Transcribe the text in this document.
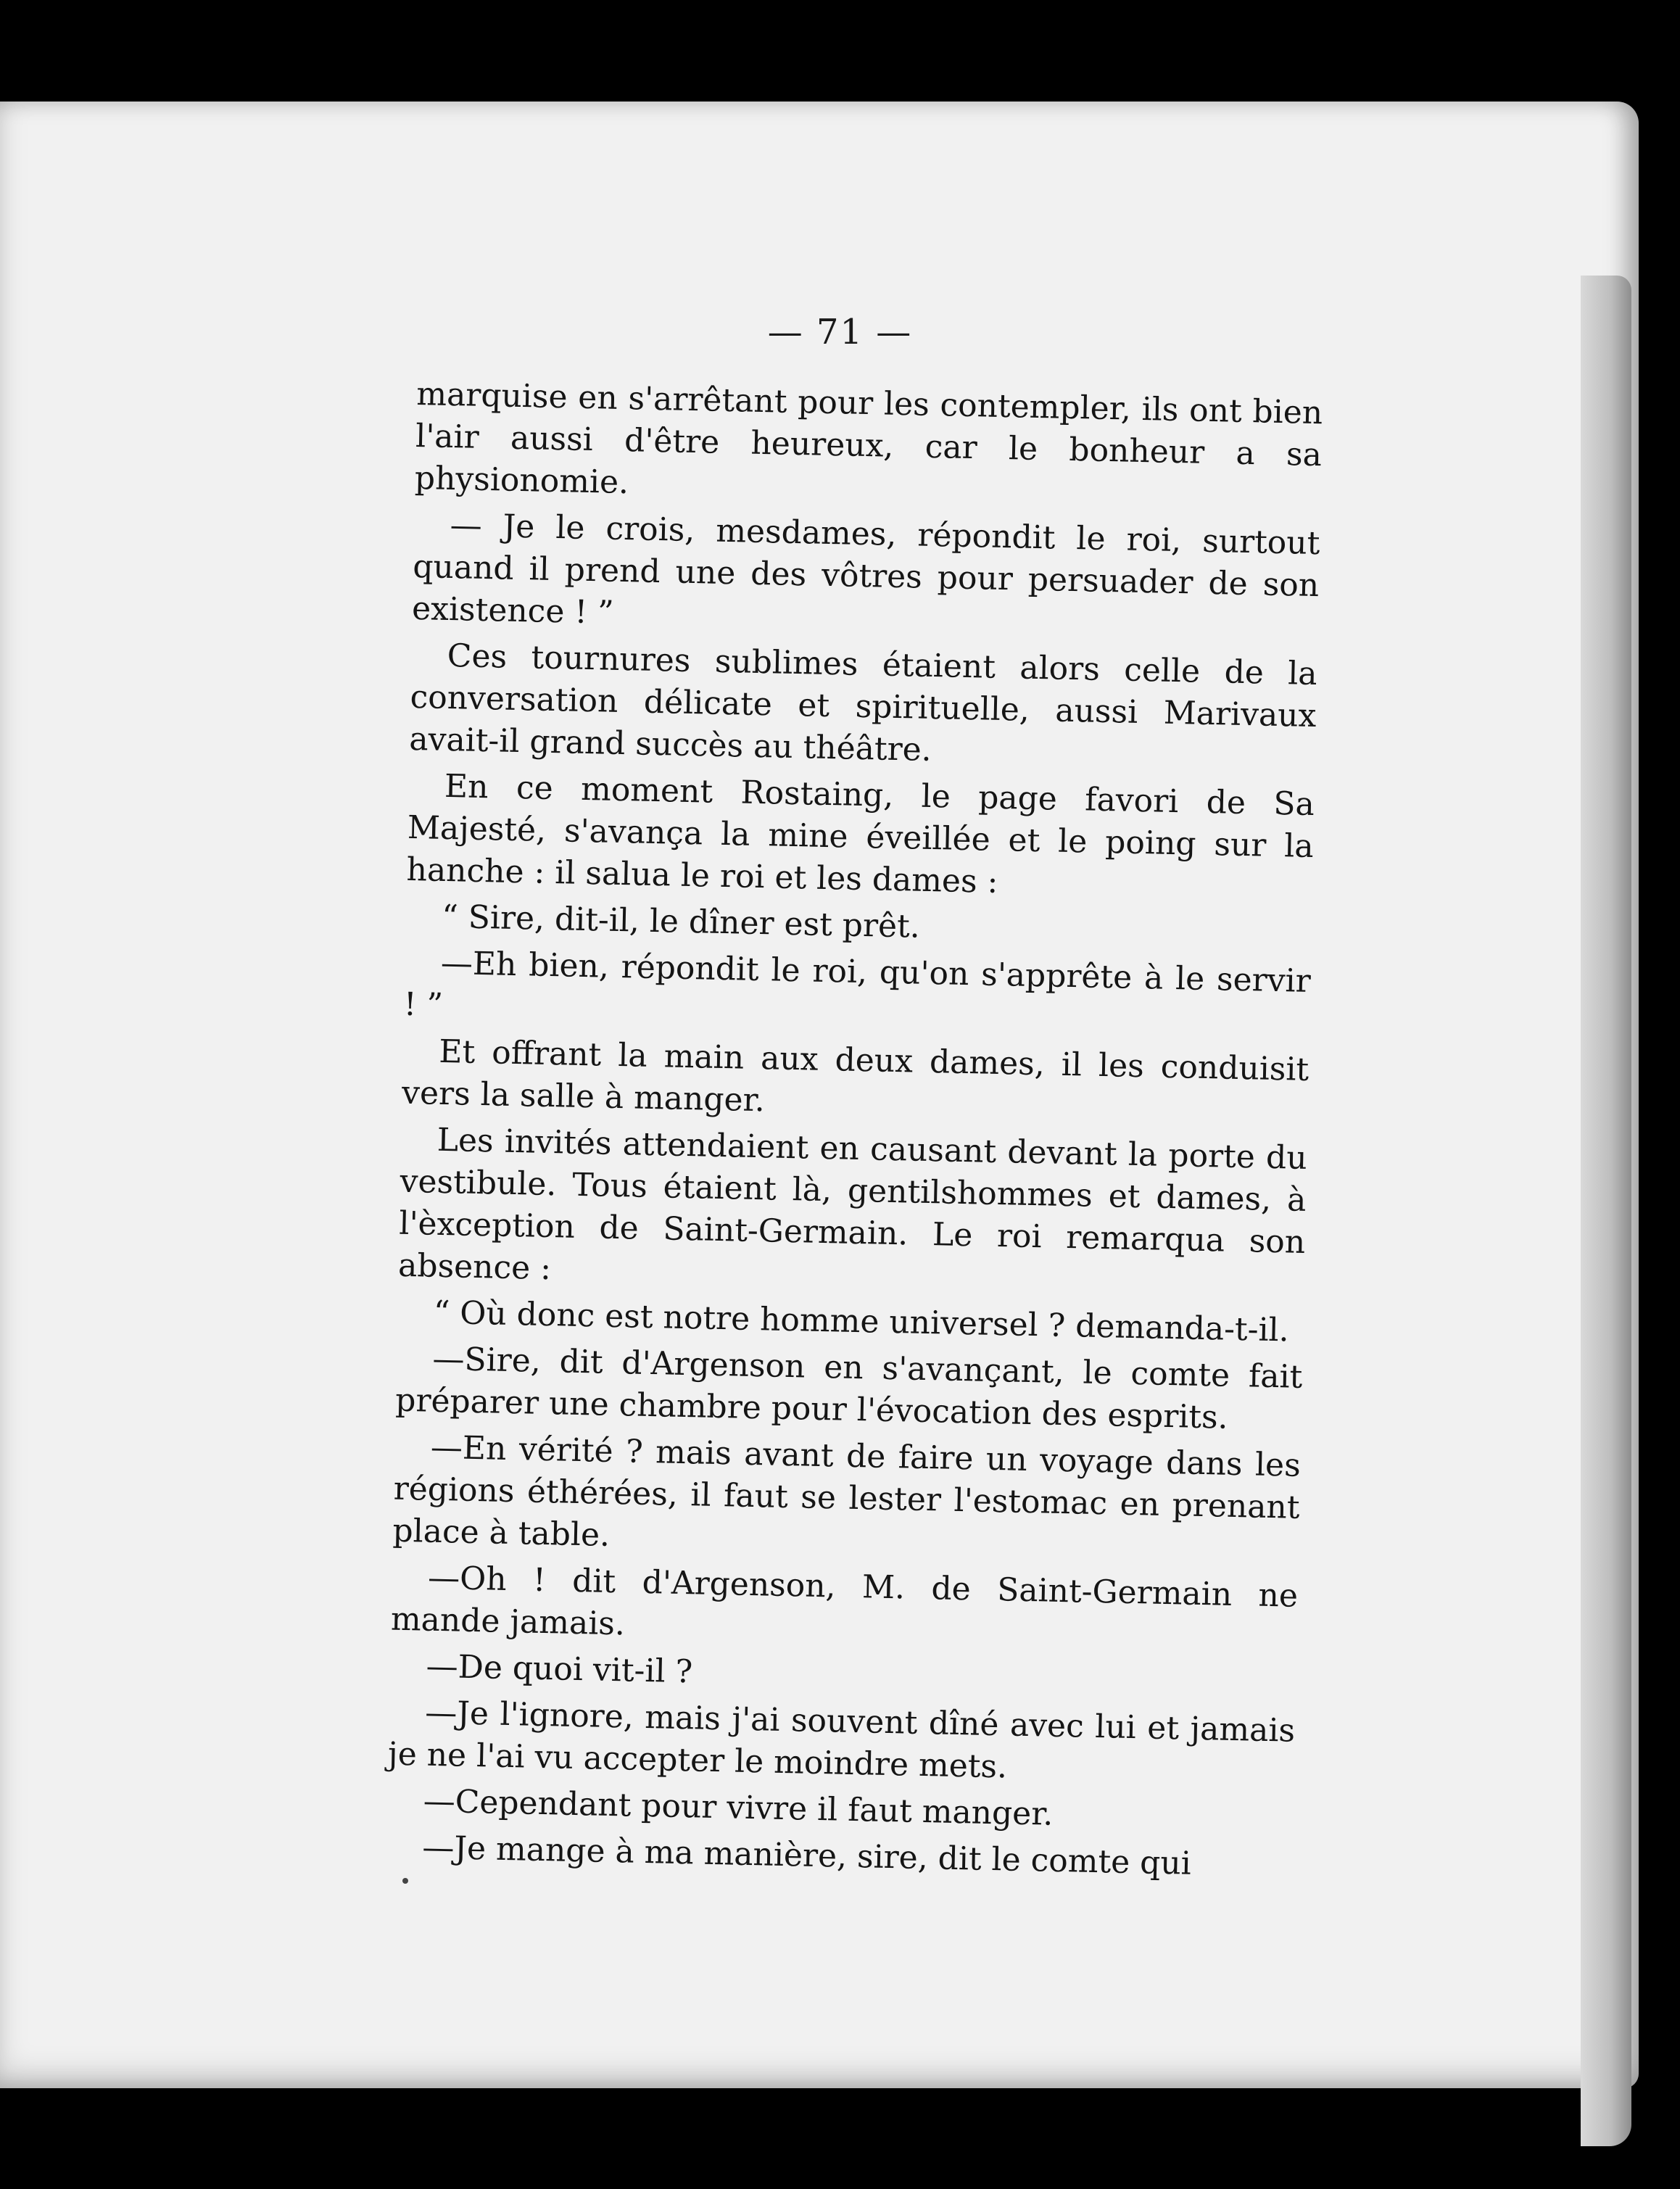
— 71 —

marquise en s'arrêtant pour les contempler, ils ont bien l'air aussi d'être heureux, car le bonheur a sa physionomie.

— Je le crois, mesdames, répondit le roi, surtout quand il prend une des vôtres pour persuader de son existence ! ”

Ces tournures sublimes étaient alors celle de la conversation délicate et spirituelle, aussi Marivaux avait-il grand succès au théâtre.

En ce moment Rostaing, le page favori de Sa Majesté, s'avança la mine éveillée et le poing sur la hanche : il salua le roi et les dames :

“ Sire, dit-il, le dîner est prêt.

—Eh bien, répondit le roi, qu'on s'apprête à le servir ! ”

Et offrant la main aux deux dames, il les conduisit vers la salle à manger.

Les invités attendaient en causant devant la porte du vestibule. Tous étaient là, gentilshommes et dames, à l'èxception de Saint-Germain. Le roi remarqua son absence :

“ Où donc est notre homme universel ? demanda-t-il.

—Sire, dit d'Argenson en s'avançant, le comte fait préparer une chambre pour l'évocation des esprits.

—En vérité ? mais avant de faire un voyage dans les régions éthérées, il faut se lester l'estomac en prenant place à table.

—Oh ! dit d'Argenson, M. de Saint-Germain ne mande jamais.

—De quoi vit-il ?

—Je l'ignore, mais j'ai souvent dîné avec lui et jamais je ne l'ai vu accepter le moindre mets.

—Cependant pour vivre il faut manger.

—Je mange à ma manière, sire, dit le comte qui
